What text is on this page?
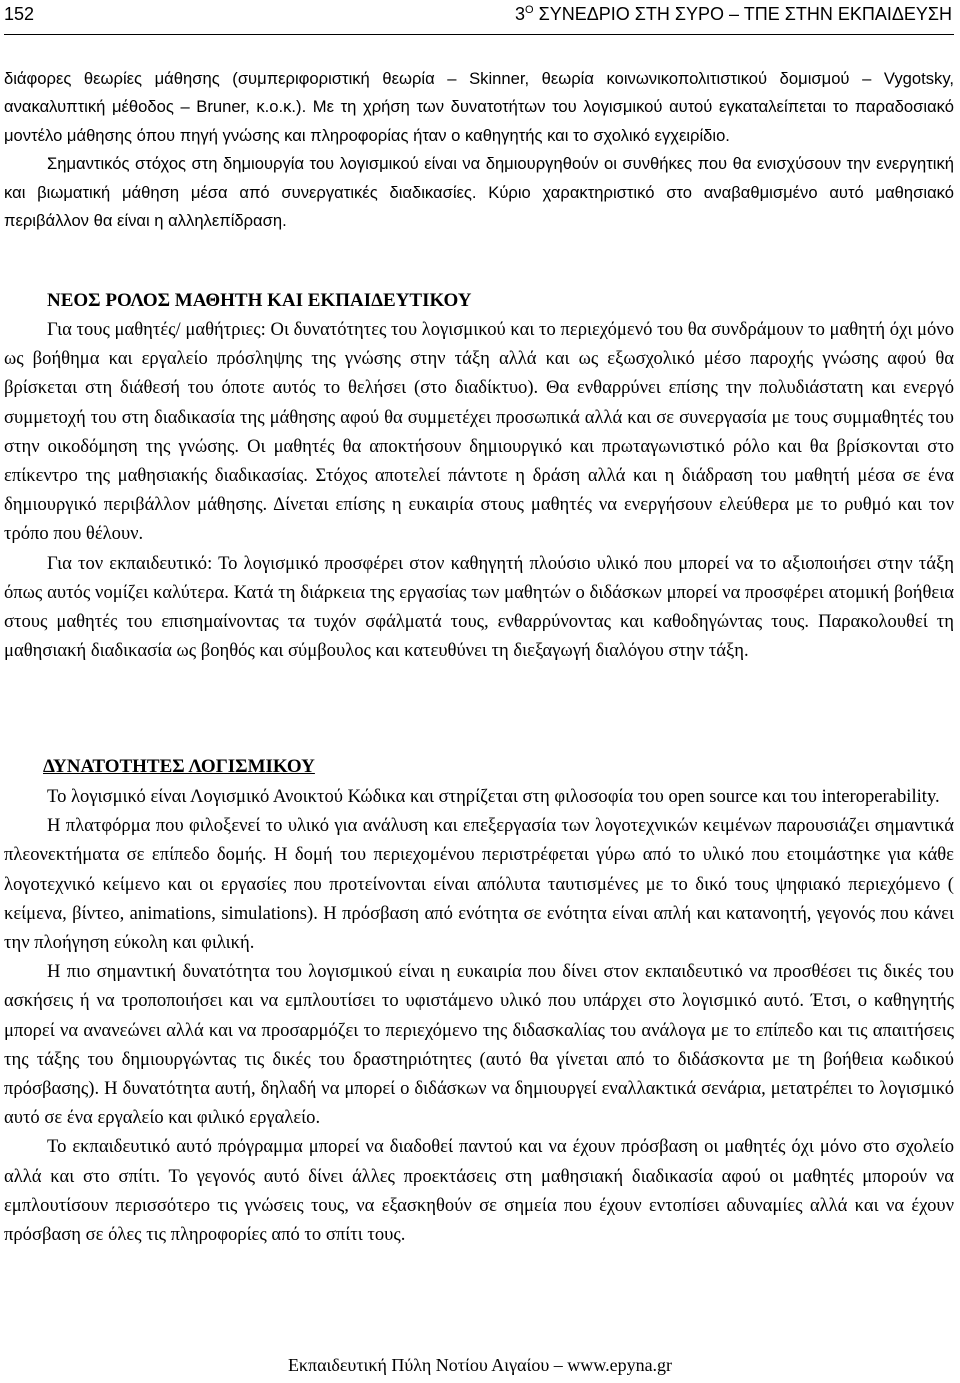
152	$3^O$ ΣΥΝΕΔΡΙΟ ΣΤΗ ΣΥΡΟ – ΤΠΕ ΣΤΗΝ ΕΚΠΑΙΔΕΥΣΗ

διάφορες θεωρίες μάθησης (συμπεριφοριστική θεωρία – Skinner, θεωρία κοινωνικοπολιτιστικού δομισμού – Vygotsky, ανακαλυπτική μέθοδος – Bruner, κ.ο.κ.). Με τη χρήση των δυνατοτήτων του λογισμικού αυτού εγκαταλείπεται το παραδοσιακό μοντέλο μάθησης όπου πηγή γνώσης και πληροφορίας ήταν ο καθηγητής και το σχολικό εγχειρίδιο.

Σημαντικός στόχος στη δημιουργία του λογισμικού είναι να δημιουργηθούν οι συνθήκες που θα ενισχύσουν την ενεργητική και βιωματική μάθηση μέσα από συνεργατικές διαδικασίες. Κύριο χαρακτηριστικό στο αναβαθμισμένο αυτό μαθησιακό περιβάλλον θα είναι η αλληλεπίδραση.

ΝΕΟΣ ΡΟΛΟΣ ΜΑΘΗΤΗ ΚΑΙ ΕΚΠΑΙΔΕΥΤΙΚΟΥ

Για τους μαθητές/ μαθήτριες: Οι δυνατότητες του λογισμικού και το περιεχόμενό του θα συνδράμουν το μαθητή όχι μόνο ως βοήθημα και εργαλείο πρόσληψης της γνώσης στην τάξη αλλά και ως εξωσχολικό μέσο παροχής γνώσης αφού θα βρίσκεται στη διάθεσή του όποτε αυτός το θελήσει (στο διαδίκτυο). Θα ενθαρρύνει επίσης την πολυδιάστατη και ενεργό συμμετοχή του στη διαδικασία της μάθησης αφού θα συμμετέχει προσωπικά αλλά και σε συνεργασία με τους συμμαθητές του στην οικοδόμηση της γνώσης. Οι μαθητές θα αποκτήσουν δημιουργικό και πρωταγωνιστικό ρόλο και θα βρίσκονται στο επίκεντρο της μαθησιακής διαδικασίας. Στόχος αποτελεί πάντοτε η δράση αλλά και η διάδραση του μαθητή μέσα σε ένα δημιουργικό περιβάλλον μάθησης. Δίνεται επίσης η ευκαιρία στους μαθητές να ενεργήσουν ελεύθερα με το ρυθμό και τον τρόπο που θέλουν.

Για τον εκπαιδευτικό: Το λογισμικό προσφέρει στον καθηγητή πλούσιο υλικό που μπορεί να το αξιοποιήσει στην τάξη όπως αυτός νομίζει καλύτερα. Κατά τη διάρκεια της εργασίας των μαθητών ο διδάσκων μπορεί να προσφέρει ατομική βοήθεια στους μαθητές του επισημαίνοντας τα τυχόν σφάλματά τους, ενθαρρύνοντας και καθοδηγώντας τους. Παρακολουθεί τη μαθησιακή διαδικασία ως βοηθός και σύμβουλος και κατευθύνει τη διεξαγωγή διαλόγου στην τάξη.

ΔΥΝΑΤΟΤΗΤΕΣ ΛΟΓΙΣΜΙΚΟΥ

Το λογισμικό είναι Λογισμικό Ανοικτού Κώδικα και στηρίζεται στη φιλοσοφία του open source και του interoperability.

Η πλατφόρμα που φιλοξενεί το υλικό για ανάλυση και επεξεργασία των λογοτεχνικών κειμένων παρουσιάζει σημαντικά πλεονεκτήματα σε επίπεδο δομής. Η δομή του περιεχομένου περιστρέφεται γύρω από το υλικό που ετοιμάστηκε για κάθε λογοτεχνικό κείμενο και οι εργασίες που προτείνονται είναι απόλυτα ταυτισμένες με το δικό τους ψηφιακό περιεχόμενο ( κείμενα, βίντεο, animations, simulations). Η πρόσβαση από ενότητα σε ενότητα είναι απλή και κατανοητή, γεγονός που κάνει την πλοήγηση εύκολη και φιλική.

Η πιο σημαντική δυνατότητα του λογισμικού είναι η ευκαιρία που δίνει στον εκπαιδευτικό να προσθέσει τις δικές του ασκήσεις ή να τροποποιήσει και να εμπλουτίσει το υφιστάμενο υλικό που υπάρχει στο λογισμικό αυτό. Έτσι, ο καθηγητής μπορεί να ανανεώνει αλλά και να προσαρμόζει το περιεχόμενο της διδασκαλίας του ανάλογα με το επίπεδο και τις απαιτήσεις της τάξης του δημιουργώντας τις δικές του δραστηριότητες (αυτό θα γίνεται από το διδάσκοντα με τη βοήθεια κωδικού πρόσβασης). Η δυνατότητα αυτή, δηλαδή να μπορεί ο διδάσκων να δημιουργεί εναλλακτικά σενάρια, μετατρέπει το λογισμικό αυτό σε ένα εργαλείο και φιλικό εργαλείο.

Το εκπαιδευτικό αυτό πρόγραμμα μπορεί να διαδοθεί παντού και να έχουν πρόσβαση οι μαθητές όχι μόνο στο σχολείο αλλά και στο σπίτι. Το γεγονός αυτό δίνει άλλες προεκτάσεις στη μαθησιακή διαδικασία αφού οι μαθητές μπορούν να εμπλουτίσουν περισσότερο τις γνώσεις τους, να εξασκηθούν σε σημεία που έχουν εντοπίσει αδυναμίες αλλά και να έχουν πρόσβαση σε όλες τις πληροφορίες από το σπίτι τους.

Εκπαιδευτική Πύλη Νοτίου Αιγαίου – www.epyna.gr
